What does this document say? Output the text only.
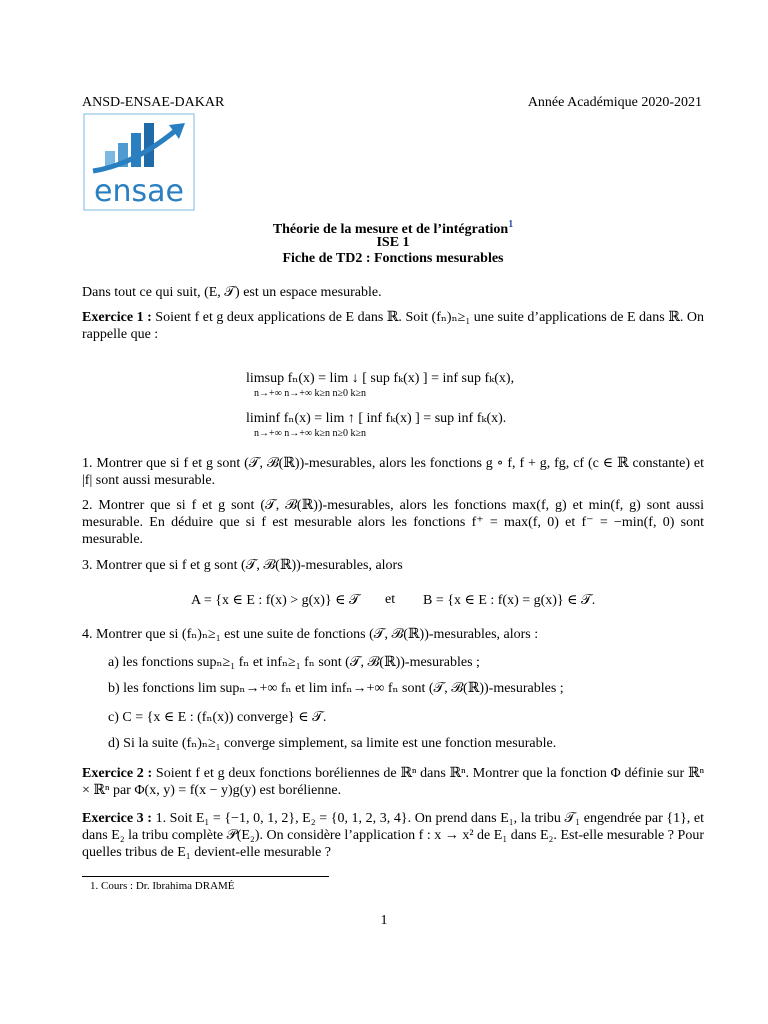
ANSD-ENSAE-DAKAR	Année Académique 2020-2021
ensae
Théorie de la mesure et de l’intégration$^1$
ISE 1
Fiche de TD2 : Fonctions mesurables
Dans tout ce qui suit, (E, 𝒯) est un espace mesurable.
Exercice 1 : Soient f et g deux applications de E dans ℝ. Soit (fₙ)ₙ≥₁ une suite d’applications de E dans ℝ. On rappelle que :
limsup fₙ(x) = lim ↓ [ sup fₖ(x) ] = inf sup fₖ(x),
n→+∞ n→+∞ k≥n n≥0 k≥n
liminf fₙ(x) = lim ↑ [ inf fₖ(x) ] = sup inf fₖ(x).
n→+∞ n→+∞ k≥n n≥0 k≥n
1. Montrer que si f et g sont (𝒯, ℬ(ℝ))-mesurables, alors les fonctions g ∘ f, f + g, fg, cf (c ∈ ℝ constante) et |f| sont aussi mesurable.
2. Montrer que si f et g sont (𝒯, ℬ(ℝ))-mesurables, alors les fonctions max(f, g) et min(f, g) sont aussi mesurable. En déduire que si f est mesurable alors les fonctions f⁺ = max(f, 0) et f⁻ = −min(f, 0) sont mesurable.
3. Montrer que si f et g sont (𝒯, ℬ(ℝ))-mesurables, alors
A = {x ∈ E : f(x) > g(x)} ∈ 𝒯 et B = {x ∈ E : f(x) = g(x)} ∈ 𝒯.
4. Montrer que si (fₙ)ₙ≥₁ est une suite de fonctions (𝒯, ℬ(ℝ))-mesurables, alors :
a) les fonctions supₙ≥₁ fₙ et infₙ≥₁ fₙ sont (𝒯, ℬ(ℝ))-mesurables ;
b) les fonctions lim supₙ→+∞ fₙ et lim infₙ→+∞ fₙ sont (𝒯, ℬ(ℝ))-mesurables ;
c) C = {x ∈ E : (fₙ(x)) converge} ∈ 𝒯.
d) Si la suite (fₙ)ₙ≥₁ converge simplement, sa limite est une fonction mesurable.
Exercice 2 : Soient f et g deux fonctions boréliennes de ℝⁿ dans ℝⁿ. Montrer que la fonction Φ définie sur ℝⁿ × ℝⁿ par Φ(x, y) = f(x − y)g(y) est borélienne.
Exercice 3 : 1. Soit E₁ = {−1, 0, 1, 2}, E₂ = {0, 1, 2, 3, 4}. On prend dans E₁, la tribu 𝒯₁ engendrée par {1}, et dans E₂ la tribu complète 𝒫(E₂). On considère l’application f : x → x² de E₁ dans E₂. Est-elle mesurable ? Pour quelles tribus de E₁ devient-elle mesurable ?
1. Cours : Dr. Ibrahima DRAMÉ
1
